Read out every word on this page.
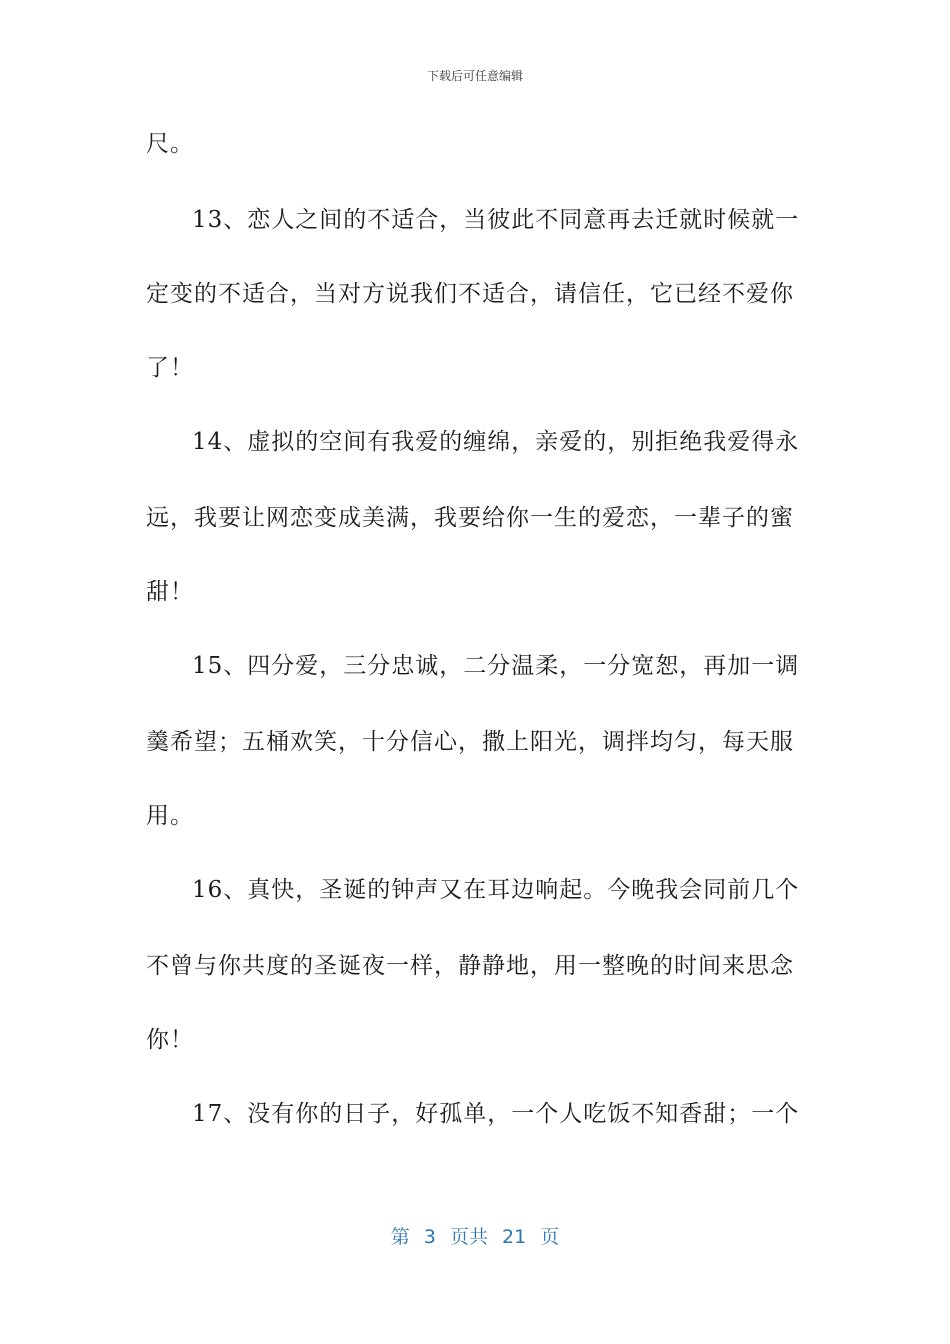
下载后可任意编辑
尺。
13、恋人之间的不适合，当彼此不同意再去迁就时候就一
定变的不适合，当对方说我们不适合，请信任，它已经不爱你
了！
14、虚拟的空间有我爱的缠绵，亲爱的，别拒绝我爱得永
远，我要让网恋变成美满，我要给你一生的爱恋，一辈子的蜜
甜！
15、四分爱，三分忠诚，二分温柔，一分宽恕，再加一调
羹希望；五桶欢笑，十分信心，撒上阳光，调拌均匀，每天服
用。
16、真快，圣诞的钟声又在耳边响起。今晚我会同前几个
不曾与你共度的圣诞夜一样，静静地，用一整晚的时间来思念
你！
17、没有你的日子，好孤单，一个人吃饭不知香甜；一个
第 3 页共 21 页
